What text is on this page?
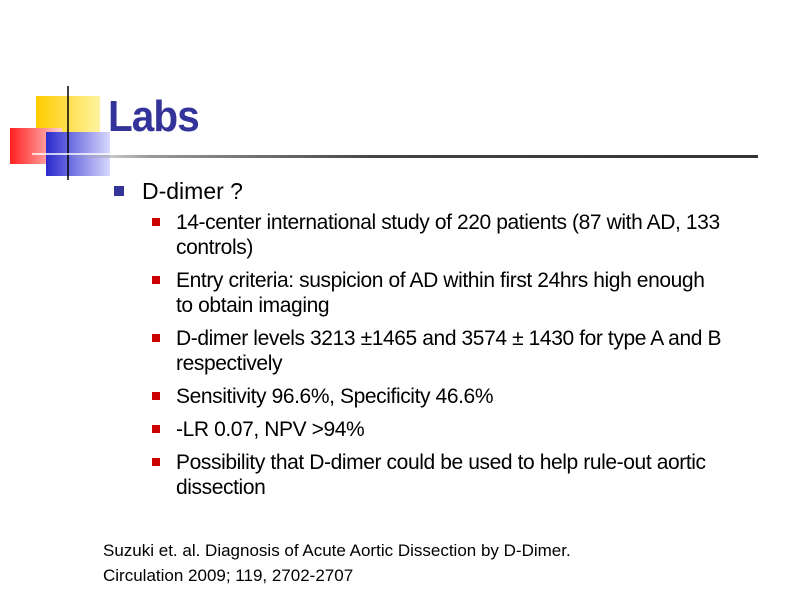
Labs
D-dimer ?
14-center international study of 220 patients (87 with AD, 133
controls)
Entry criteria: suspicion of AD within first 24hrs high enough
to obtain imaging
D-dimer levels 3213 ±1465 and 3574 ± 1430 for type A and B
respectively
Sensitivity 96.6%, Specificity 46.6%
-LR 0.07, NPV >94%
Possibility that D-dimer could be used to help rule-out aortic
dissection
Suzuki et. al. Diagnosis of Acute Aortic Dissection by D-Dimer.
Circulation 2009; 119, 2702-2707
